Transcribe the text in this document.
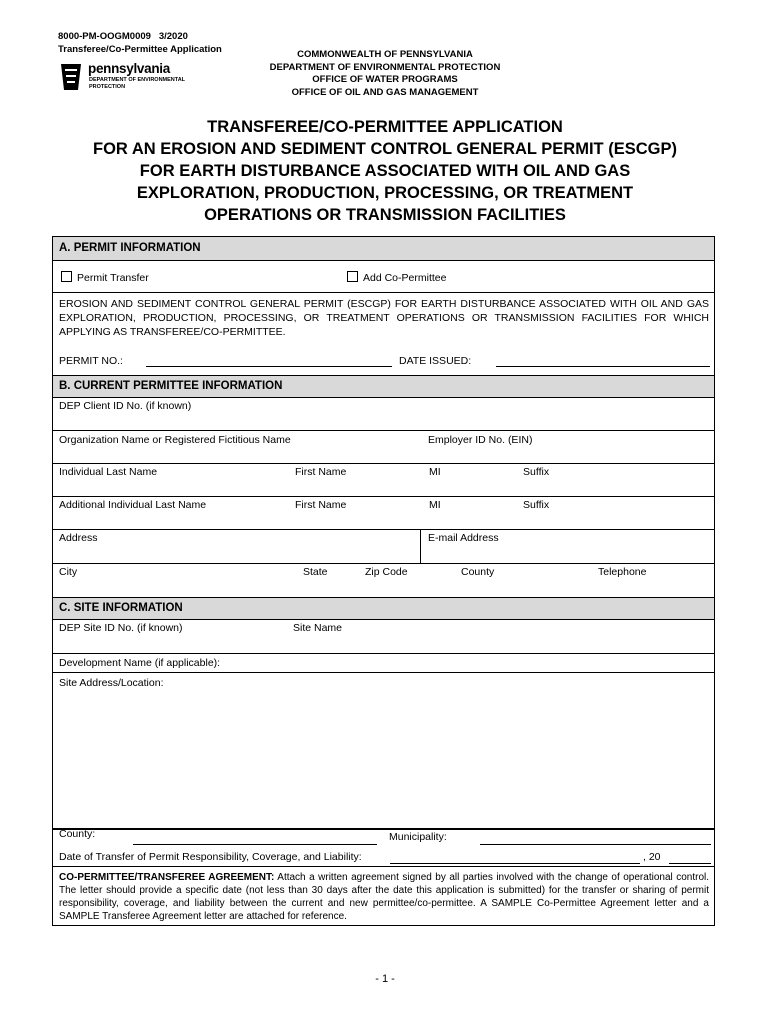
8000-PM-OOGM0009   3/2020
Transferee/Co-Permittee Application
pennsylvania
DEPARTMENT OF ENVIRONMENTAL
PROTECTION
COMMONWEALTH OF PENNSYLVANIA
DEPARTMENT OF ENVIRONMENTAL PROTECTION
OFFICE OF WATER PROGRAMS
OFFICE OF OIL AND GAS MANAGEMENT
TRANSFEREE/CO-PERMITTEE APPLICATION
FOR AN EROSION AND SEDIMENT CONTROL GENERAL PERMIT (ESCGP)
FOR EARTH DISTURBANCE ASSOCIATED WITH OIL AND GAS
EXPLORATION, PRODUCTION, PROCESSING, OR TREATMENT
OPERATIONS OR TRANSMISSION FACILITIES
A. PERMIT INFORMATION
Permit Transfer	Add Co-Permittee
EROSION AND SEDIMENT CONTROL GENERAL PERMIT (ESCGP) FOR EARTH DISTURBANCE ASSOCIATED WITH OIL AND GAS EXPLORATION, PRODUCTION, PROCESSING, OR TREATMENT OPERATIONS OR TRANSMISSION FACILITIES FOR WHICH APPLYING AS TRANSFEREE/CO-PERMITTEE.
PERMIT NO.:	DATE ISSUED:
B. CURRENT PERMITTEE INFORMATION
DEP Client ID No. (if known)
Organization Name or Registered Fictitious Name	Employer ID No. (EIN)
Individual Last Name	First Name	MI	Suffix
Additional Individual Last Name	First Name	MI	Suffix
Address	E-mail Address
City	State	Zip Code	County	Telephone
C. SITE INFORMATION
DEP Site ID No. (if known)	Site Name
Development Name (if applicable):
Site Address/Location:
County:	Municipality:
Date of Transfer of Permit Responsibility, Coverage, and Liability:	, 20
CO-PERMITTEE/TRANSFEREE AGREEMENT: Attach a written agreement signed by all parties involved with the change of operational control. The letter should provide a specific date (not less than 30 days after the date this application is submitted) for the transfer or sharing of permit responsibility, coverage, and liability between the current and new permittee/co-permittee. A SAMPLE Co-Permittee Agreement letter and a SAMPLE Transferee Agreement letter are attached for reference.
- 1 -
